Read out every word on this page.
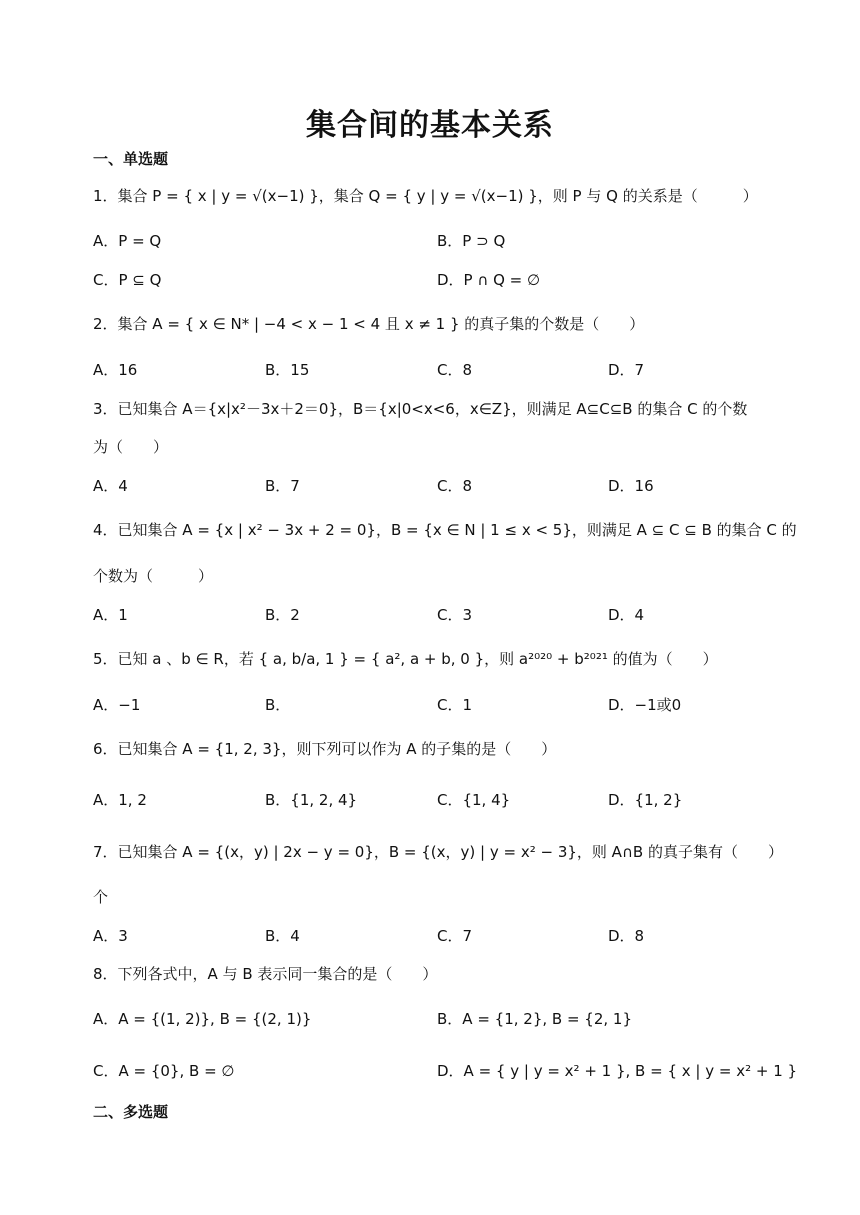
集合间的基本关系
一、单选题
1．集合 P = { x | y = √(x−1) }，集合 Q = { y | y = √(x−1) }，则 P 与 Q 的关系是（　　　）
A．P = Q	B．P ⊃ Q
C．P ⊆ Q	D．P ∩ Q = ∅
2．集合 A = { x ∈ N* | −4 < x − 1 < 4 且 x ≠ 1 } 的真子集的个数是（　　）
A．16	B．15	C．8	D．7
3．已知集合 A＝{x|x²－3x＋2＝0}，B＝{x|0<x<6，x∈Z}，则满足 A⊆C⊆B 的集合 C 的个数
为（　　）
A．4	B．7	C．8	D．16
4．已知集合 A = {x | x² − 3x + 2 = 0}，B = {x ∈ N | 1 ≤ x < 5}，则满足 A ⊆ C ⊆ B 的集合 C 的
个数为（　　　）
A．1	B．2	C．3	D．4
5．已知 a 、b ∈ R，若 { a, b/a, 1 } = { a², a + b, 0 }，则 a²⁰²⁰ + b²⁰²¹ 的值为（　　）
A．−1	B．	C．1	D．−1或0
6．已知集合 A = {1, 2, 3}，则下列可以作为 A 的子集的是（　　）
A．1, 2	B．{1, 2, 4}	C．{1, 4}	D．{1, 2}
7．已知集合 A = {(x，y) | 2x − y = 0}，B = {(x，y) | y = x² − 3}，则 A∩B 的真子集有（　　）
个
A．3	B．4	C．7	D．8
8．下列各式中，A 与 B 表示同一集合的是（　　）
A．A = {(1, 2)}, B = {(2, 1)}	B．A = {1, 2}, B = {2, 1}
C．A = {0}, B = ∅	D．A = { y | y = x² + 1 }, B = { x | y = x² + 1 }
二、多选题
